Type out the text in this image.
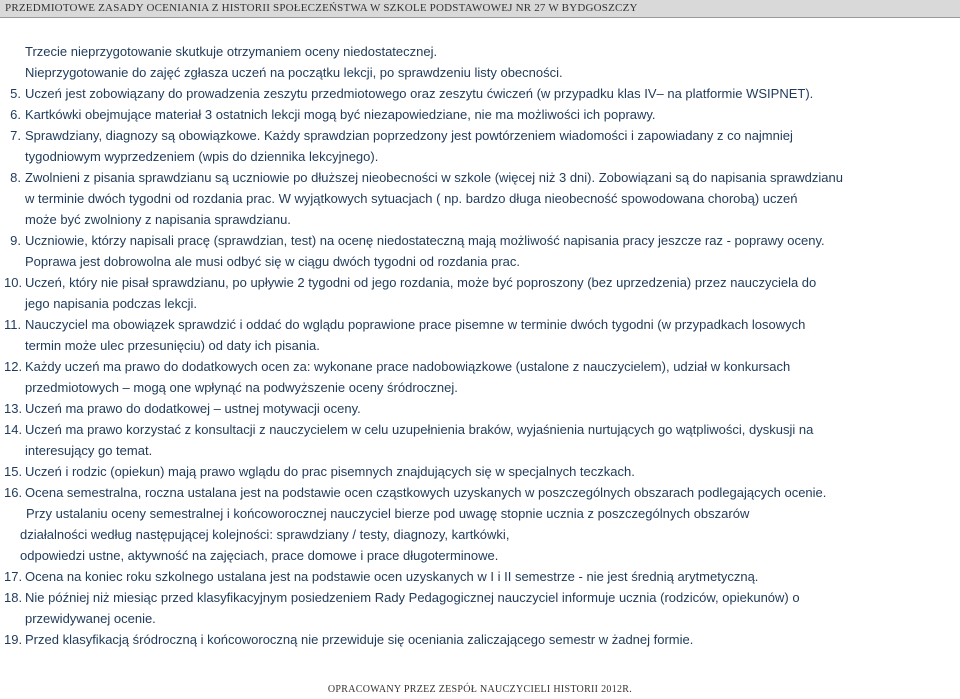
PRZEDMIOTOWE ZASADY OCENIANIA Z HISTORII SPOŁECZEŃSTWA W SZKOLE PODSTAWOWEJ NR 27 W BYDGOSZCZY
Trzecie nieprzygotowanie skutkuje otrzymaniem oceny niedostatecznej.
Nieprzygotowanie do zajęć zgłasza uczeń na początku lekcji, po sprawdzeniu listy obecności.
5. Uczeń jest zobowiązany do prowadzenia zeszytu przedmiotowego oraz zeszytu ćwiczeń (w przypadku klas IV– na platformie WSIPNET).
6. Kartkówki obejmujące materiał 3 ostatnich lekcji mogą być niezapowiedziane, nie ma możliwości ich poprawy.
7. Sprawdziany, diagnozy są obowiązkowe. Każdy sprawdzian poprzedzony jest powtórzeniem wiadomości i zapowiadany z co najmniej
tygodniowym wyprzedzeniem (wpis do dziennika lekcyjnego).
8. Zwolnieni z pisania sprawdzianu są uczniowie po dłuższej nieobecności w szkole (więcej niż 3 dni). Zobowiązani są do napisania sprawdzianu
w terminie dwóch tygodni od rozdania prac. W wyjątkowych sytuacjach ( np. bardzo długa nieobecność spowodowana chorobą) uczeń
może być zwolniony z napisania sprawdzianu.
9. Uczniowie, którzy napisali pracę (sprawdzian, test) na ocenę niedostateczną mają możliwość napisania pracy jeszcze raz - poprawy oceny.
Poprawa jest dobrowolna ale musi odbyć się w ciągu dwóch tygodni od rozdania prac.
10. Uczeń, który nie pisał sprawdzianu, po upływie 2 tygodni od jego rozdania, może być poproszony (bez uprzedzenia) przez nauczyciela do
jego napisania podczas lekcji.
11. Nauczyciel ma obowiązek sprawdzić i oddać do wglądu poprawione prace pisemne w terminie dwóch tygodni (w przypadkach losowych
termin może ulec przesunięciu) od daty ich pisania.
12. Każdy uczeń ma prawo do dodatkowych ocen za: wykonane prace nadobowiązkowe (ustalone z nauczycielem), udział w konkursach
przedmiotowych – mogą one wpłynąć na podwyższenie oceny śródrocznej.
13. Uczeń ma prawo do dodatkowej – ustnej motywacji oceny.
14. Uczeń ma prawo korzystać z konsultacji z nauczycielem w celu uzupełnienia braków, wyjaśnienia nurtujących go wątpliwości, dyskusji na
interesujący go temat.
15. Uczeń i rodzic (opiekun) mają prawo wglądu do prac pisemnych znajdujących się w specjalnych teczkach.
16. Ocena semestralna, roczna ustalana jest na podstawie ocen cząstkowych uzyskanych w poszczególnych obszarach podlegających ocenie.
Przy ustalaniu oceny semestralnej i końcoworocznej nauczyciel bierze pod uwagę stopnie ucznia z poszczególnych obszarów
działalności według następującej kolejności: sprawdziany / testy, diagnozy, kartkówki,
odpowiedzi ustne, aktywność na zajęciach, prace domowe i prace długoterminowe.
17. Ocena na koniec roku szkolnego ustalana jest na podstawie ocen uzyskanych w I i II semestrze - nie jest średnią arytmetyczną.
18. Nie później niż miesiąc przed klasyfikacyjnym posiedzeniem Rady Pedagogicznej nauczyciel informuje ucznia (rodziców, opiekunów) o
przewidywanej ocenie.
19. Przed klasyfikacją śródroczną i końcoworoczną nie przewiduje się oceniania zaliczającego semestr w żadnej formie.
OPRACOWANY PRZEZ ZESPÓŁ NAUCZYCIELI HISTORII 2012R.
